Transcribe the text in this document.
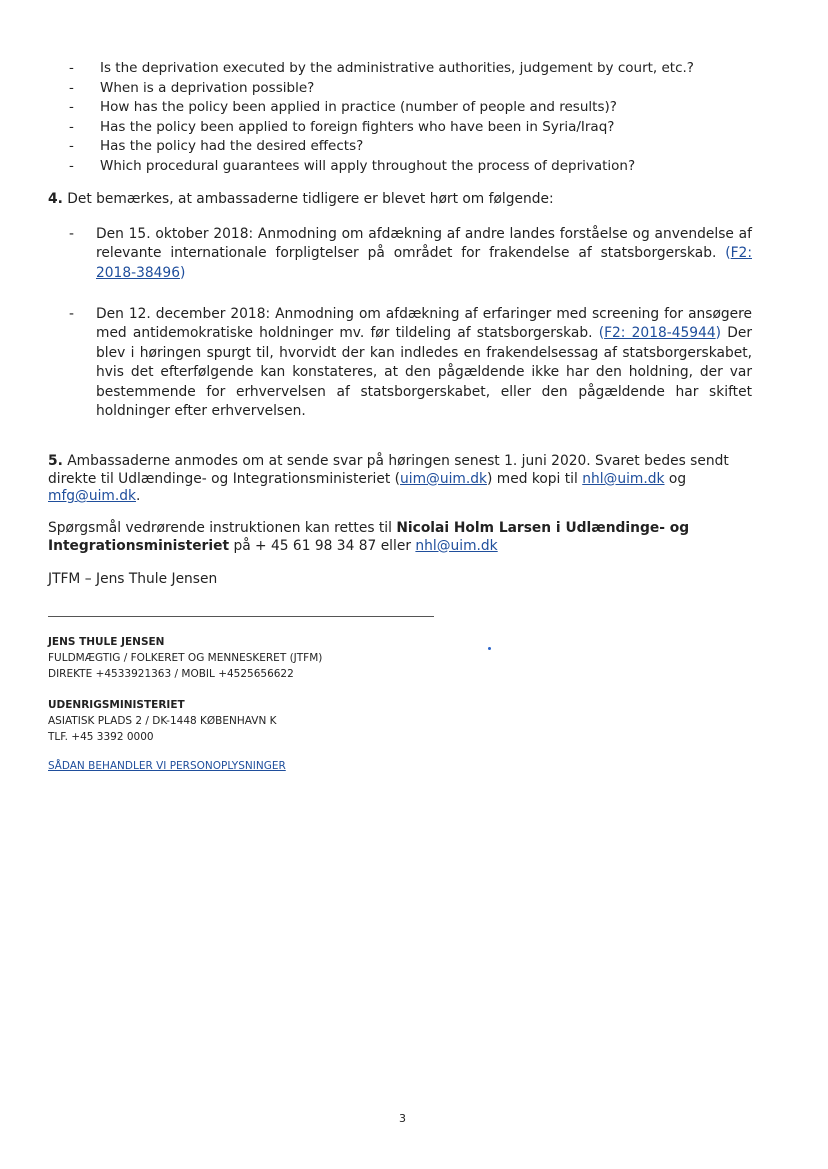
-	Is the deprivation executed by the administrative authorities, judgement by court, etc.?
-	When is a deprivation possible?
-	How has the policy been applied in practice (number of people and results)?
-	Has the policy been applied to foreign fighters who have been in Syria/Iraq?
-	Has the policy had the desired effects?
-	Which procedural guarantees will apply throughout the process of deprivation?
4. Det bemærkes, at ambassaderne tidligere er blevet hørt om følgende:
-	Den 15. oktober 2018: Anmodning om afdækning af andre landes forståelse og anvendelse af relevante internationale forpligtelser på området for frakendelse af statsborgerskab. (F2: 2018-38496)
-	Den 12. december 2018: Anmodning om afdækning af erfaringer med screening for ansøgere med antidemokratiske holdninger mv. før tildeling af statsborgerskab. (F2: 2018-45944) Der blev i høringen spurgt til, hvorvidt der kan indledes en frakendelsessag af statsborgerskabet, hvis det efterfølgende kan konstateres, at den pågældende ikke har den holdning, der var bestemmende for erhvervelsen af statsborgerskabet, eller den pågældende har skiftet holdninger efter erhvervelsen.
5. Ambassaderne anmodes om at sende svar på høringen senest 1. juni 2020. Svaret bedes sendt direkte til Udlændinge- og Integrationsministeriet (uim@uim.dk) med kopi til nhl@uim.dk og mfg@uim.dk.
Spørgsmål vedrørende instruktionen kan rettes til Nicolai Holm Larsen i Udlændinge- og Integrationsministeriet på + 45 61 98 34 87 eller nhl@uim.dk
JTFM – Jens Thule Jensen
JENS THULE JENSEN
FULDMÆGTIG / FOLKERET OG MENNESKERET (JTFM)
DIREKTE +4533921363 / MOBIL +4525656622
UDENRIGSMINISTERIET
ASIATISK PLADS 2 / DK-1448 KØBENHAVN K
TLF. +45 3392 0000
SÅDAN BEHANDLER VI PERSONOPLYSNINGER
3
